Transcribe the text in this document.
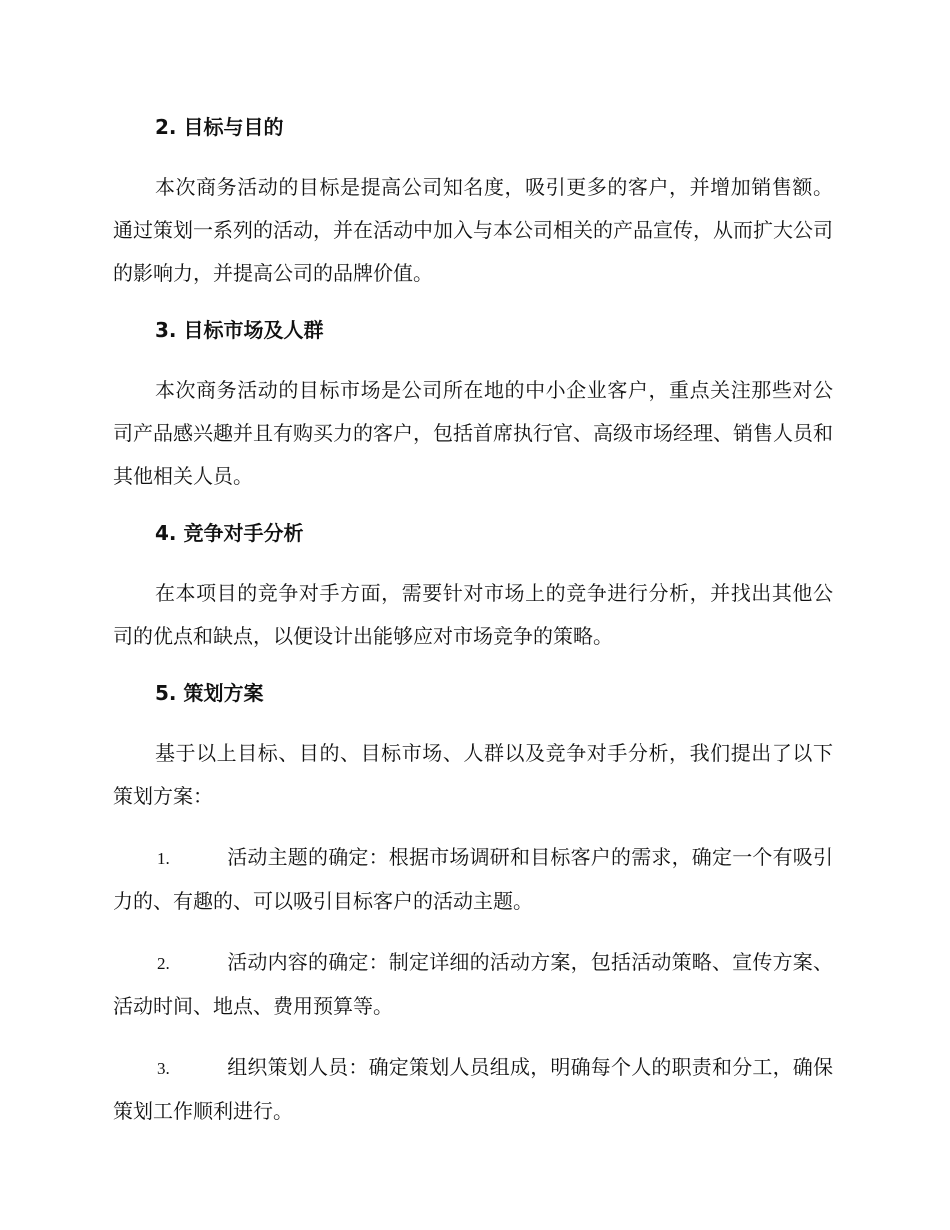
2. 目标与目的

本次商务活动的目标是提高公司知名度，吸引更多的客户，并增加销售额。通过策划一系列的活动，并在活动中加入与本公司相关的产品宣传，从而扩大公司的影响力，并提高公司的品牌价值。

3. 目标市场及人群

本次商务活动的目标市场是公司所在地的中小企业客户，重点关注那些对公司产品感兴趣并且有购买力的客户，包括首席执行官、高级市场经理、销售人员和其他相关人员。

4. 竞争对手分析

在本项目的竞争对手方面，需要针对市场上的竞争进行分析，并找出其他公司的优点和缺点，以便设计出能够应对市场竞争的策略。

5. 策划方案

基于以上目标、目的、目标市场、人群以及竞争对手分析，我们提出了以下策划方案：

1.	活动主题的确定：根据市场调研和目标客户的需求，确定一个有吸引力的、有趣的、可以吸引目标客户的活动主题。

2.	活动内容的确定：制定详细的活动方案，包括活动策略、宣传方案、活动时间、地点、费用预算等。

3.	组织策划人员：确定策划人员组成，明确每个人的职责和分工，确保策划工作顺利进行。
